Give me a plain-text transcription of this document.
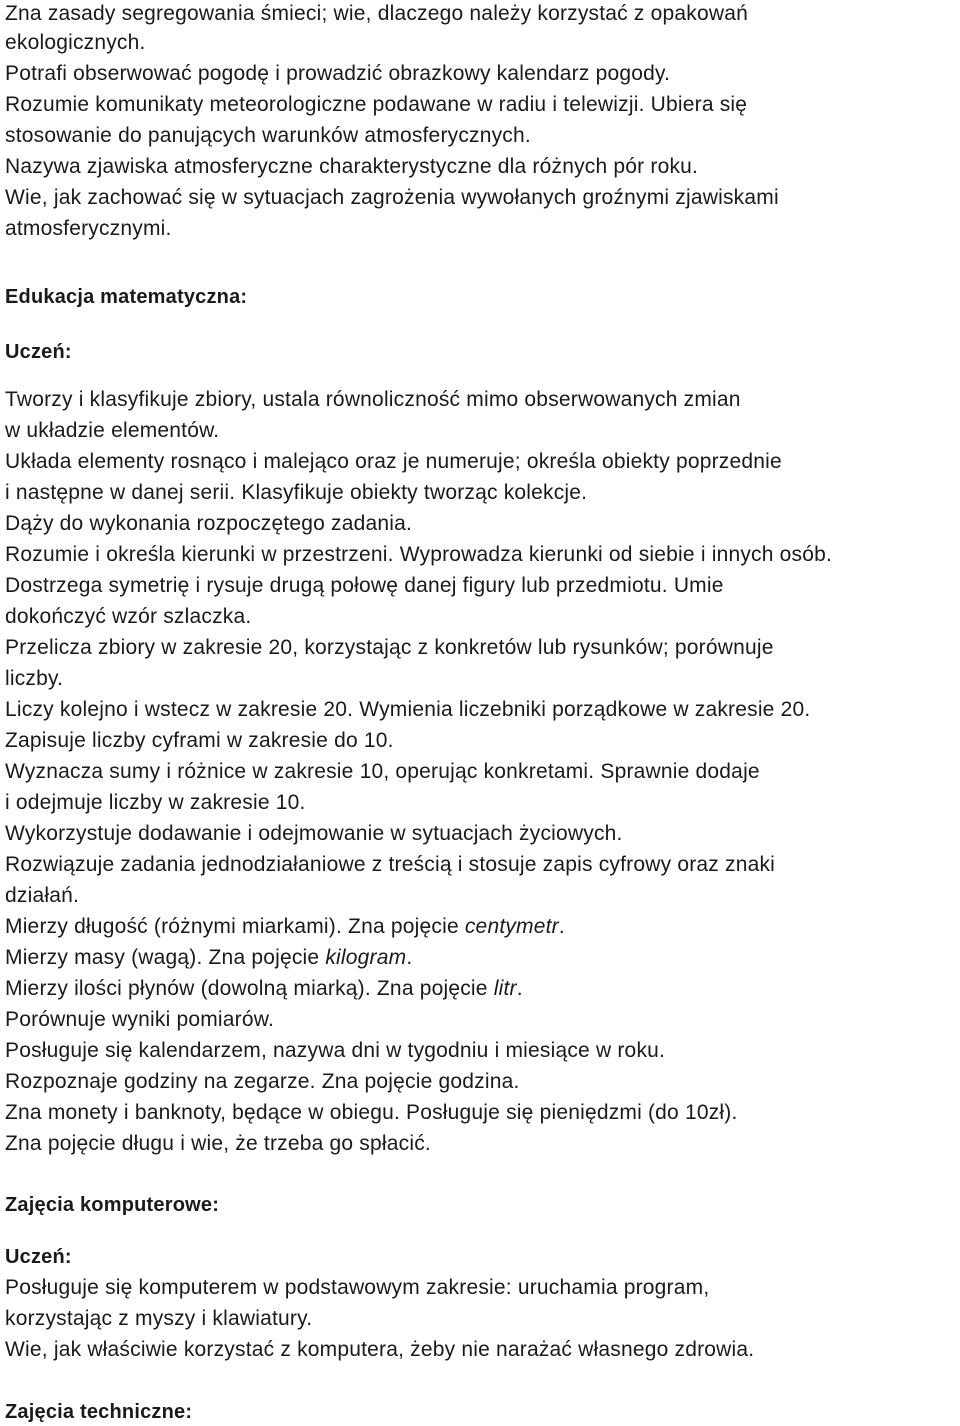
Zna zasady segregowania śmieci; wie, dlaczego należy korzystać z opakowań
ekologicznych.
Potrafi obserwować pogodę i prowadzić obrazkowy kalendarz pogody.
Rozumie komunikaty meteorologiczne podawane w radiu i telewizji. Ubiera się
stosowanie do panujących warunków atmosferycznych.
Nazywa zjawiska atmosferyczne charakterystyczne dla różnych pór roku.
Wie, jak zachować się w sytuacjach zagrożenia wywołanych groźnymi zjawiskami
atmosferycznymi.
Edukacja matematyczna:
Uczeń:
Tworzy i klasyfikuje zbiory, ustala równoliczność mimo obserwowanych zmian
w układzie elementów.
Układa elementy rosnąco i malejąco oraz je numeruje; określa obiekty poprzednie
i następne w danej serii. Klasyfikuje obiekty tworząc kolekcje.
Dąży do wykonania rozpoczętego zadania.
Rozumie i określa kierunki w przestrzeni. Wyprowadza kierunki od siebie i innych osób.
Dostrzega symetrię i rysuje drugą połowę danej figury lub przedmiotu. Umie
dokończyć wzór szlaczka.
Przelicza zbiory w zakresie 20, korzystając z konkretów lub rysunków; porównuje
liczby.
Liczy kolejno i wstecz w zakresie 20. Wymienia liczebniki porządkowe w zakresie 20.
Zapisuje liczby cyframi w zakresie do 10.
Wyznacza sumy i różnice w zakresie 10, operując konkretami. Sprawnie dodaje
i odejmuje liczby w zakresie 10.
Wykorzystuje dodawanie i odejmowanie w sytuacjach życiowych.
Rozwiązuje zadania jednodziałaniowe z treścią i stosuje zapis cyfrowy oraz znaki
działań.
Mierzy długość (różnymi miarkami). Zna pojęcie centymetr.
Mierzy masy (wagą). Zna pojęcie kilogram.
Mierzy ilości płynów (dowolną miarką). Zna pojęcie litr.
Porównuje wyniki pomiarów.
Posługuje się kalendarzem, nazywa dni w tygodniu i miesiące w roku.
Rozpoznaje godziny na zegarze. Zna pojęcie godzina.
Zna monety i banknoty, będące w obiegu. Posługuje się pieniędzmi (do 10zł).
Zna pojęcie długu i wie, że trzeba go spłacić.
Zajęcia komputerowe:
Uczeń:
Posługuje się komputerem w podstawowym zakresie: uruchamia program,
korzystając z myszy i klawiatury.
Wie, jak właściwie korzystać z komputera, żeby nie narażać własnego zdrowia.
Zajęcia techniczne:
